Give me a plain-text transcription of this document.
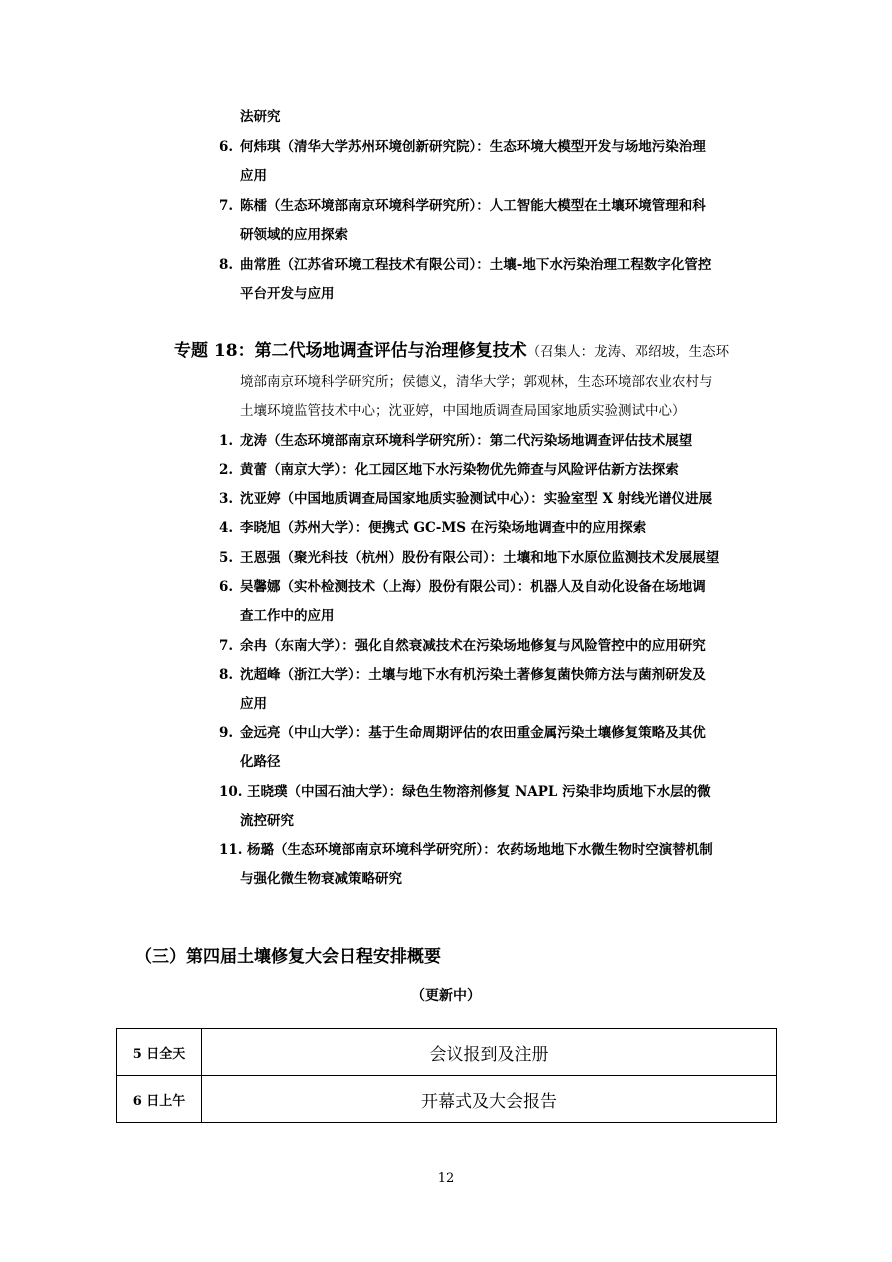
法研究
6. 何炜琪（清华大学苏州环境创新研究院）：生态环境大模型开发与场地污染治理
应用
7. 陈檑（生态环境部南京环境科学研究所）：人工智能大模型在土壤环境管理和科
研领域的应用探索
8. 曲常胜（江苏省环境工程技术有限公司）：土壤-地下水污染治理工程数字化管控
平台开发与应用
专题 18：第二代场地调查评估与治理修复技术（召集人：龙涛、邓绍坡，生态环
境部南京环境科学研究所；侯德义，清华大学；郭观林，生态环境部农业农村与
土壤环境监管技术中心；沈亚婷，中国地质调查局国家地质实验测试中心）
1. 龙涛（生态环境部南京环境科学研究所）：第二代污染场地调查评估技术展望
2. 黄蕾（南京大学）：化工园区地下水污染物优先筛查与风险评估新方法探索
3. 沈亚婷（中国地质调查局国家地质实验测试中心）：实验室型 X 射线光谱仪进展
4. 李晓旭（苏州大学）：便携式 GC-MS 在污染场地调查中的应用探索
5. 王恩强（聚光科技（杭州）股份有限公司）：土壤和地下水原位监测技术发展展望
6. 吴馨娜（实朴检测技术（上海）股份有限公司）：机器人及自动化设备在场地调
查工作中的应用
7. 余冉（东南大学）：强化自然衰减技术在污染场地修复与风险管控中的应用研究
8. 沈超峰（浙江大学）：土壤与地下水有机污染土著修复菌快筛方法与菌剂研发及
应用
9. 金远亮（中山大学）：基于生命周期评估的农田重金属污染土壤修复策略及其优
化路径
10. 王晓璞（中国石油大学）：绿色生物溶剂修复 NAPL 污染非均质地下水层的微
流控研究
11. 杨璐（生态环境部南京环境科学研究所）：农药场地地下水微生物时空演替机制
与强化微生物衰减策略研究
（三）第四届土壤修复大会日程安排概要
（更新中）
5 日全天	会议报到及注册
6 日上午	开幕式及大会报告
12
